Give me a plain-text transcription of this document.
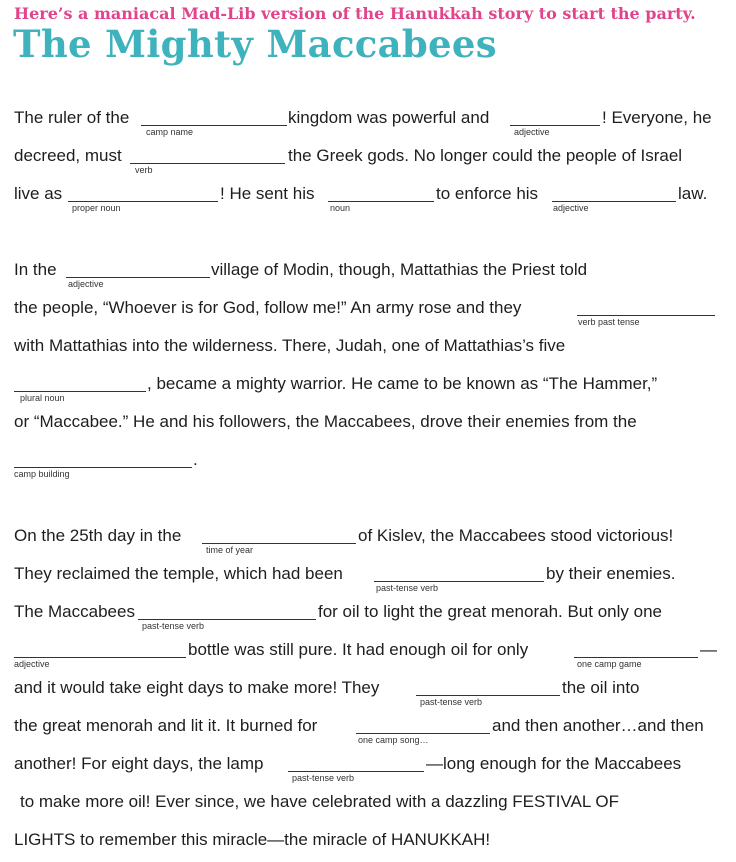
Here’s a maniacal Mad-Lib version of the Hanukkah story to start the party.
The Mighty Maccabees
The ruler of the
camp name
kingdom was powerful and
adjective
! Everyone, he
decreed, must
verb
the Greek gods. No longer could the people of Israel
live as
proper noun
! He sent his
noun
to enforce his
adjective
law.
In the
adjective
village of Modin, though, Mattathias the Priest told
the people, “Whoever is for God, follow me!” An army rose and they
verb past tense
with Mattathias into the wilderness. There, Judah, one of Mattathias’s five
plural noun
, became a mighty warrior. He came to be known as “The Hammer,”
or “Maccabee.” He and his followers, the Maccabees, drove their enemies from the
camp building
.
On the 25th day in the
time of year
of Kislev, the Maccabees stood victorious!
They reclaimed the temple, which had been
past-tense verb
by their enemies.
The Maccabees
past-tense verb
for oil to light the great menorah. But only one
adjective
bottle was still pure. It had enough oil for only
one camp game
—
and it would take eight days to make more! They
past-tense verb
the oil into
the great menorah and lit it. It burned for
one camp song…
and then another…and then
another! For eight days, the lamp
past-tense verb
—long enough for the Maccabees
to make more oil! Ever since, we have celebrated with a dazzling FESTIVAL OF
LIGHTS to remember this miracle—the miracle of HANUKKAH!
